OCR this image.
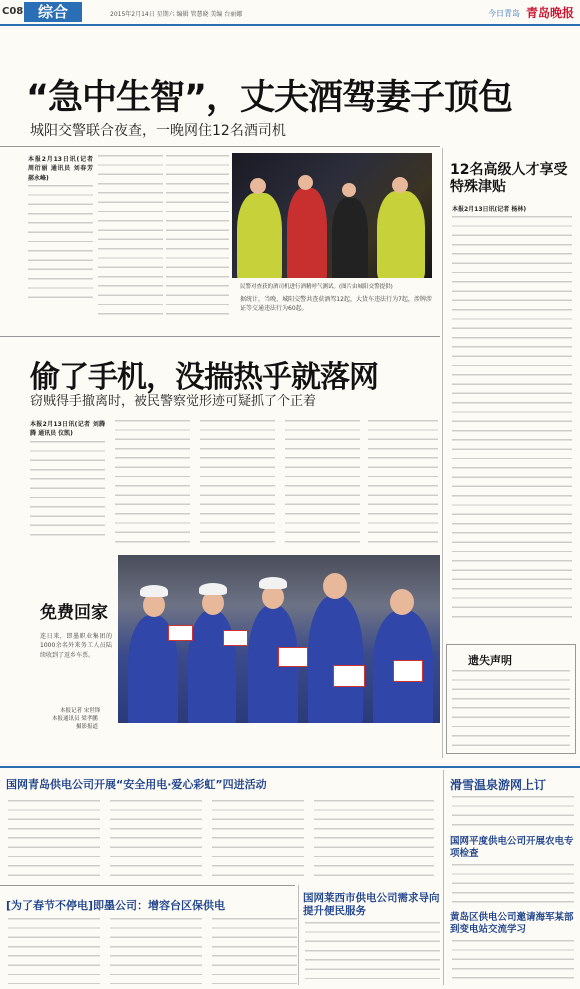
C08 综合	2015年2月14日 星期六 编辑 管慧晓 美编 台丽娜	今日青岛 青岛晚报
“急中生智”，丈夫酒驾妻子顶包
城阳交警联合夜查，一晚网住12名酒司机
本报2月13日讯(记者 周衍丽 通讯员 刘春芳 郝永峰)
民警对查获的酒司机进行酒精呼气测试。(图片由城阳交警提供)
据统计，当晚，城阳交警共查获酒驾12起，大货车违法行为7起，涉牌涉证等交通违法行为60起。
12名高级人才享受特殊津贴
本报2月13日讯(记者 杨林)
偷了手机，没揣热乎就落网
窃贼得手撤离时，被民警察觉形迹可疑抓了个正着
本报2月13日讯(记者 刘腾腾 通讯员 仪凯)
免费回家
连日来，即墨职业集团的1000余名外来务工人员陆续收到了返乡车票。
本报记者 宋世锋
本报通讯员 梁孝鹏
摄影报道
遗失声明
国网青岛供电公司开展“安全用电·爱心彩虹”四进活动
[为了春节不停电]即墨公司：增容台区保供电
国网莱西市供电公司需求导向提升便民服务
滑雪温泉游网上订
国网平度供电公司开展农电专项检查
黄岛区供电公司邀请海军某部到变电站交流学习
